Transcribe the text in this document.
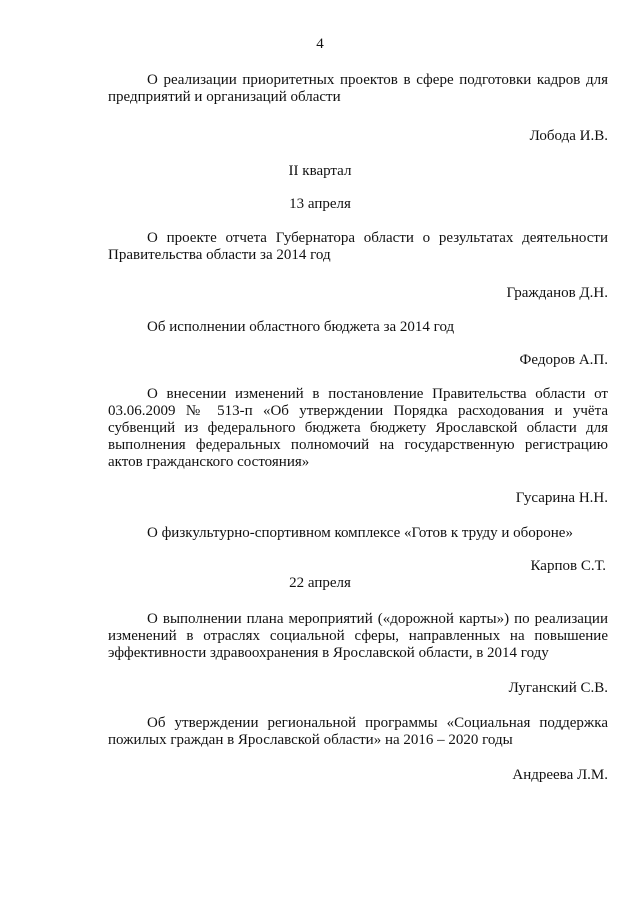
4
О реализации приоритетных проектов в сфере подготовки кадров для предприятий и организаций области
Лобода И.В.
II квартал
13 апреля
О проекте отчета Губернатора области о результатах деятельности Правительства области за 2014 год
Гражданов Д.Н.
Об исполнении областного бюджета за 2014 год
Федоров А.П.
О внесении изменений в постановление Правительства области от 03.06.2009 № 513-п «Об утверждении Порядка расходования и учёта субвенций из федерального бюджета бюджету Ярославской области для выполнения федеральных полномочий на государственную регистрацию актов гражданского состояния»
Гусарина Н.Н.
О физкультурно-спортивном комплексе «Готов к труду и обороне»
Карпов С.Т.
22 апреля
О выполнении плана мероприятий («дорожной карты») по реализации изменений в отраслях социальной сферы, направленных на повышение эффективности здравоохранения в Ярославской области, в 2014 году
Луганский С.В.
Об утверждении региональной программы «Социальная поддержка пожилых граждан в Ярославской области» на 2016 – 2020 годы
Андреева Л.М.
